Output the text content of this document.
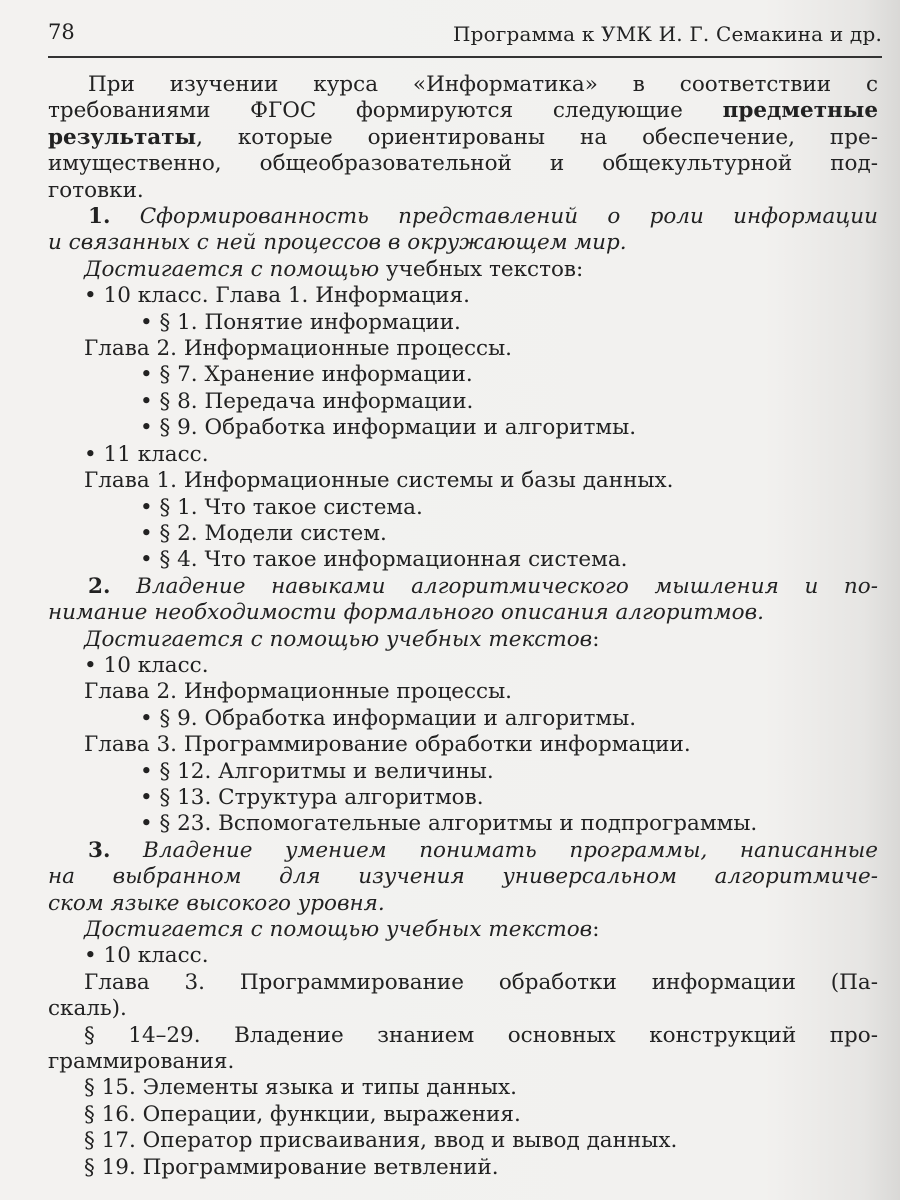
78	Программа к УМК И. Г. Семакина и др.

При изучении курса «Информатика» в соответствии с

требованиями ФГОС формируются следующие предметные

результаты, которые ориентированы на обеспечение, пре-

имущественно, общеобразовательной и общекультурной под-

готовки.

1. Сформированность представлений о роли информации

и связанных с ней процессов в окружающем мир.

Достигается с помощью учебных текстов:

• 10 класс. Глава 1. Информация.

• § 1. Понятие информации.

Глава 2. Информационные процессы.

• § 7. Хранение информации.

• § 8. Передача информации.

• § 9. Обработка информации и алгоритмы.

• 11 класс.

Глава 1. Информационные системы и базы данных.

• § 1. Что такое система.

• § 2. Модели систем.

• § 4. Что такое информационная система.

2. Владение навыками алгоритмического мышления и по-

нимание необходимости формального описания алгоритмов.

Достигается с помощью учебных текстов:

• 10 класс.

Глава 2. Информационные процессы.

• § 9. Обработка информации и алгоритмы.

Глава 3. Программирование обработки информации.

• § 12. Алгоритмы и величины.

• § 13. Структура алгоритмов.

• § 23. Вспомогательные алгоритмы и подпрограммы.

3. Владение умением понимать программы, написанные

на выбранном для изучения универсальном алгоритмиче-

ском языке высокого уровня.

Достигается с помощью учебных текстов:

• 10 класс.

Глава 3. Программирование обработки информации (Па-

скаль).

§ 14–29. Владение знанием основных конструкций про-

граммирования.

§ 15. Элементы языка и типы данных.

§ 16. Операции, функции, выражения.

§ 17. Оператор присваивания, ввод и вывод данных.

§ 19. Программирование ветвлений.
